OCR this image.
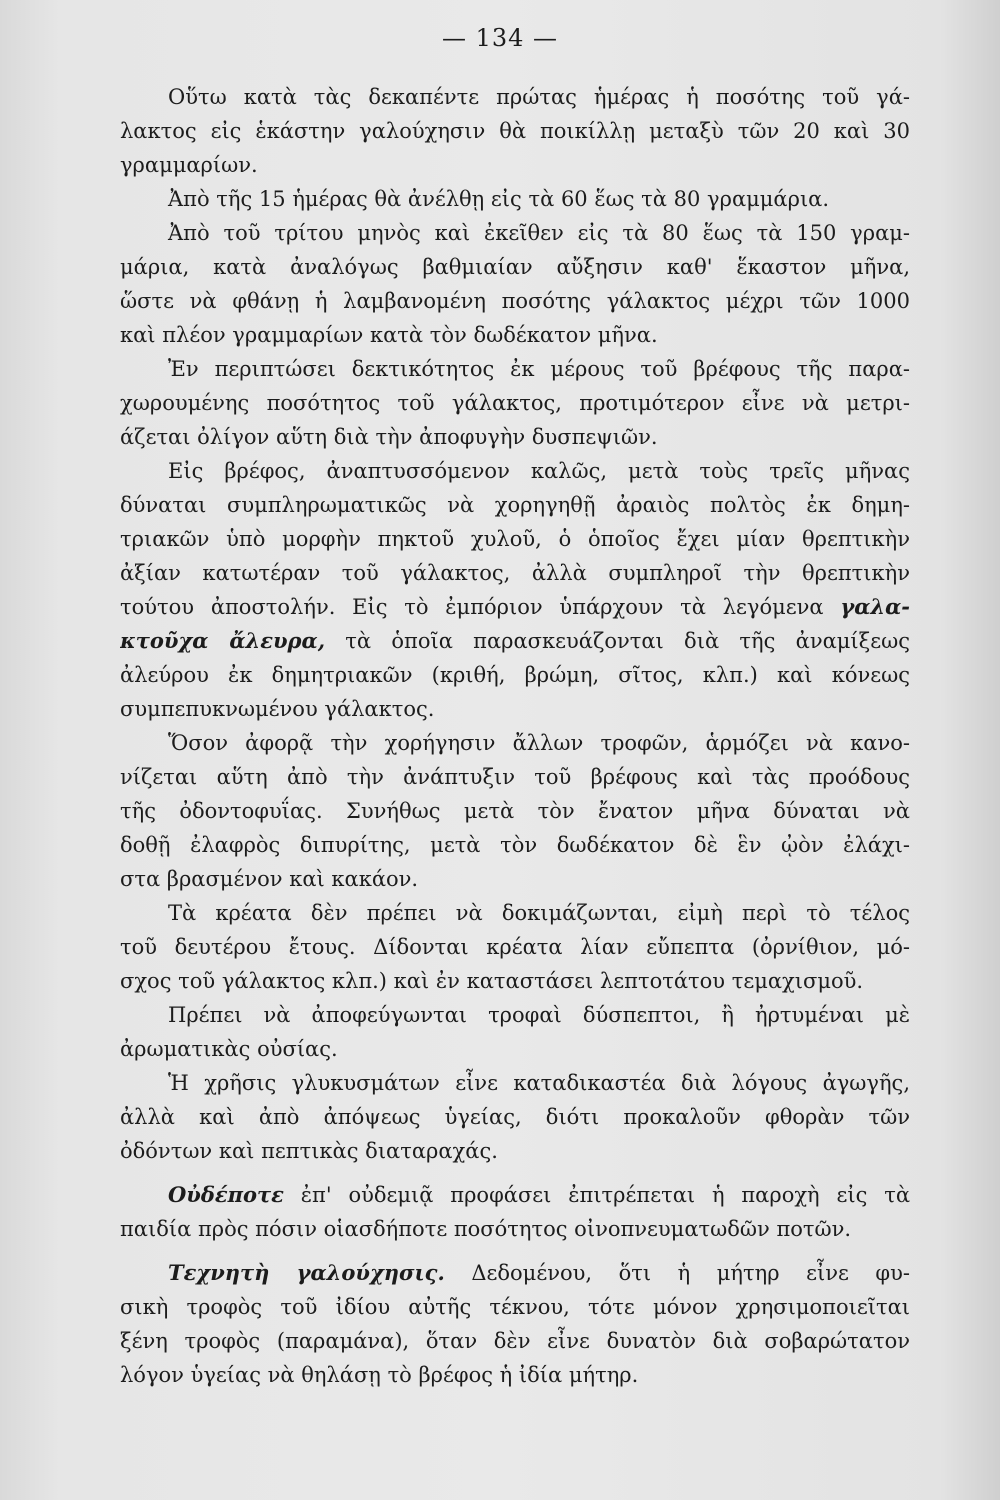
— 134 —
Οὕτω κατὰ τὰς δεκαπέντε πρώτας ἡμέρας ἡ ποσότης τοῦ γά-
λακτος εἰς ἑκάστην γαλούχησιν θὰ ποικίλλῃ μεταξὺ τῶν 20 καὶ 30
γραμμαρίων.
Ἀπὸ τῆς 15 ἡμέρας θὰ ἀνέλθῃ εἰς τὰ 60 ἕως τὰ 80 γραμμάρια.
Ἀπὸ τοῦ τρίτου μηνὸς καὶ ἐκεῖθεν εἰς τὰ 80 ἕως τὰ 150 γραμ-
μάρια, κατὰ ἀναλόγως βαθμιαίαν αὔξησιν καθ' ἕκαστον μῆνα,
ὥστε νὰ φθάνῃ ἡ λαμβανομένη ποσότης γάλακτος μέχρι τῶν 1000
καὶ πλέον γραμμαρίων κατὰ τὸν δωδέκατον μῆνα.
Ἐν περιπτώσει δεκτικότητος ἐκ μέρους τοῦ βρέφους τῆς παρα-
χωρουμένης ποσότητος τοῦ γάλακτος, προτιμότερον εἶνε νὰ μετρι-
άζεται ὀλίγον αὕτη διὰ τὴν ἀποφυγὴν δυσπεψιῶν.
Εἰς βρέφος, ἀναπτυσσόμενον καλῶς, μετὰ τοὺς τρεῖς μῆνας
δύναται συμπληρωματικῶς νὰ χορηγηθῇ ἀραιὸς πολτὸς ἐκ δημη-
τριακῶν ὑπὸ μορφὴν πηκτοῦ χυλοῦ, ὁ ὁποῖος ἔχει μίαν θρεπτικὴν
ἀξίαν κατωτέραν τοῦ γάλακτος, ἀλλὰ συμπληροῖ τὴν θρεπτικὴν
τούτου ἀποστολήν. Εἰς τὸ ἐμπόριον ὑπάρχουν τὰ λεγόμενα γαλα-
κτοῦχα ἄλευρα, τὰ ὁποῖα παρασκευάζονται διὰ τῆς ἀναμίξεως
ἀλεύρου ἐκ δημητριακῶν (κριθή, βρώμη, σῖτος, κλπ.) καὶ κόνεως
συμπεπυκνωμένου γάλακτος.
Ὅσον ἀφορᾷ τὴν χορήγησιν ἄλλων τροφῶν, ἁρμόζει νὰ κανο-
νίζεται αὕτη ἀπὸ τὴν ἀνάπτυξιν τοῦ βρέφους καὶ τὰς προόδους
τῆς ὀδοντοφυΐας. Συνήθως μετὰ τὸν ἔνατον μῆνα δύναται νὰ
δοθῇ ἐλαφρὸς διπυρίτης, μετὰ τὸν δωδέκατον δὲ ἓν ᾠὸν ἐλάχι-
στα βρασμένον καὶ κακάον.
Τὰ κρέατα δὲν πρέπει νὰ δοκιμάζωνται, εἰμὴ περὶ τὸ τέλος
τοῦ δευτέρου ἔτους. Δίδονται κρέατα λίαν εὔπεπτα (ὀρνίθιον, μό-
σχος τοῦ γάλακτος κλπ.) καὶ ἐν καταστάσει λεπτοτάτου τεμαχισμοῦ.
Πρέπει νὰ ἀποφεύγωνται τροφαὶ δύσπεπτοι, ἢ ἠρτυμέναι μὲ
ἀρωματικὰς οὐσίας.
Ἡ χρῆσις γλυκυσμάτων εἶνε καταδικαστέα διὰ λόγους ἀγωγῆς,
ἀλλὰ καὶ ἀπὸ ἀπόψεως ὑγείας, διότι προκαλοῦν φθορὰν τῶν
ὀδόντων καὶ πεπτικὰς διαταραχάς.
Οὐδέποτε ἐπ' οὐδεμιᾷ προφάσει ἐπιτρέπεται ἡ παροχὴ εἰς τὰ
παιδία πρὸς πόσιν οἱασδήποτε ποσότητος οἰνοπνευματωδῶν ποτῶν.
Τεχνητὴ γαλούχησις. Δεδομένου, ὅτι ἡ μήτηρ εἶνε φυ-
σικὴ τροφὸς τοῦ ἰδίου αὐτῆς τέκνου, τότε μόνον χρησιμοποιεῖται
ξένη τροφὸς (παραμάνα), ὅταν δὲν εἶνε δυνατὸν διὰ σοβαρώτατον
λόγον ὑγείας νὰ θηλάσῃ τὸ βρέφος ἡ ἰδία μήτηρ.
